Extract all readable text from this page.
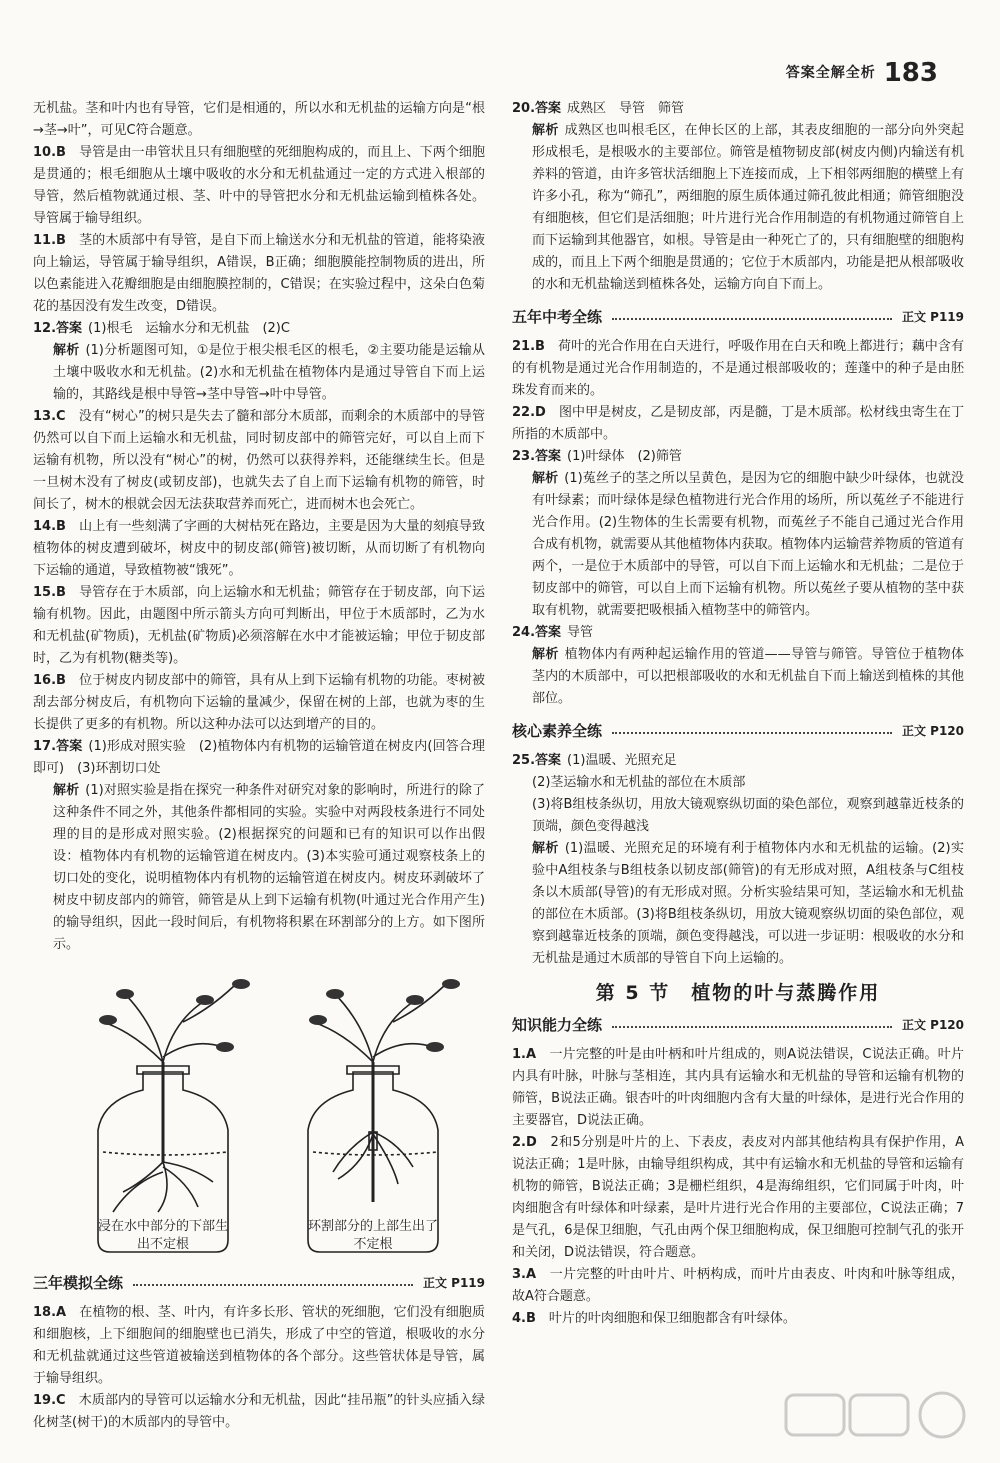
答案全解全析 183

无机盐。茎和叶内也有导管，它们是相通的，所以水和无机盐的运输方向是“根→茎→叶”，可见C符合题意。

10.B　 导管是由一串管状且只有细胞壁的死细胞构成的，而且上、下两个细胞是贯通的；根毛细胞从土壤中吸收的水分和无机盐通过一定的方式进入根部的导管，然后植物就通过根、茎、叶中的导管把水分和无机盐运输到植株各处。导管属于输导组织。

11.B　 茎的木质部中有导管，是自下而上输送水分和无机盐的管道，能将染液向上输运，导管属于输导组织，A错误，B正确；细胞膜能控制物质的进出，所以色素能进入花瓣细胞是由细胞膜控制的，C错误；在实验过程中，这朵白色菊花的基因没有发生改变，D错误。

12.答案 (1)根毛　运输水分和无机盐　(2)C

解析 (1)分析题图可知，①是位于根尖根毛区的根毛，②主要功能是运输从土壤中吸收水和无机盐。(2)水和无机盐在植物体内是通过导管自下而上运输的，其路线是根中导管→茎中导管→叶中导管。

13.C　 没有“树心”的树只是失去了髓和部分木质部，而剩余的木质部中的导管仍然可以自下而上运输水和无机盐，同时韧皮部中的筛管完好，可以自上而下运输有机物，所以没有“树心”的树，仍然可以获得养料，还能继续生长。但是一旦树木没有了树皮(或韧皮部)，也就失去了自上而下运输有机物的筛管，时间长了，树木的根就会因无法获取营养而死亡，进而树木也会死亡。

14.B　 山上有一些刻满了字画的大树枯死在路边，主要是因为大量的刻痕导致植物体的树皮遭到破坏，树皮中的韧皮部(筛管)被切断，从而切断了有机物向下运输的通道，导致植物被“饿死”。

15.B　 导管存在于木质部，向上运输水和无机盐；筛管存在于韧皮部，向下运输有机物。因此，由题图中所示箭头方向可判断出，甲位于木质部时，乙为水和无机盐(矿物质)，无机盐(矿物质)必须溶解在水中才能被运输；甲位于韧皮部时，乙为有机物(糖类等)。

16.B　 位于树皮内韧皮部中的筛管，具有从上到下运输有机物的功能。枣树被刮去部分树皮后，有机物向下运输的量减少，保留在树的上部，也就为枣的生长提供了更多的有机物。所以这种办法可以达到增产的目的。

17.答案 (1)形成对照实验　(2)植物体内有机物的运输管道在树皮内(回答合理即可)　(3)环割切口处

解析 (1)对照实验是指在探究一种条件对研究对象的影响时，所进行的除了这种条件不同之外，其他条件都相同的实验。实验中对两段枝条进行不同处理的目的是形成对照实验。(2)根据探究的问题和已有的知识可以作出假设：植物体内有机物的运输管道在树皮内。(3)本实验可通过观察枝条上的切口处的变化，说明植物体内有机物的运输管道在树皮内。树皮环剥破坏了树皮中韧皮部内的筛管，筛管是从上到下运输有机物(叶通过光合作用产生)的输导组织，因此一段时间后，有机物将积累在环割部分的上方。如下图所示。

浸在水中部分的下部生出不定根
环割部分的上部生出了不定根
三年模拟全练	正文 P119

18.A　 在植物的根、茎、叶内，有许多长形、管状的死细胞，它们没有细胞质和细胞核，上下细胞间的细胞壁也已消失，形成了中空的管道，根吸收的水分和无机盐就通过这些管道被输送到植物体的各个部分。这些管状体是导管，属于输导组织。

19.C　 木质部内的导管可以运输水分和无机盐，因此“挂吊瓶”的针头应插入绿化树茎(树干)的木质部内的导管中。

20.答案 成熟区　导管　筛管

解析 成熟区也叫根毛区，在伸长区的上部，其表皮细胞的一部分向外突起形成根毛，是根吸水的主要部位。筛管是植物韧皮部(树皮内侧)内输送有机养料的管道，由许多管状活细胞上下连接而成，上下相邻两细胞的横壁上有许多小孔，称为“筛孔”，两细胞的原生质体通过筛孔彼此相通；筛管细胞没有细胞核，但它们是活细胞；叶片进行光合作用制造的有机物通过筛管自上而下运输到其他器官，如根。导管是由一种死亡了的，只有细胞壁的细胞构成的，而且上下两个细胞是贯通的；它位于木质部内，功能是把从根部吸收的水和无机盐输送到植株各处，运输方向自下而上。

五年中考全练	正文 P119

21.B　 荷叶的光合作用在白天进行，呼吸作用在白天和晚上都进行；藕中含有的有机物是通过光合作用制造的，不是通过根部吸收的；莲蓬中的种子是由胚珠发育而来的。

22.D　 图中甲是树皮，乙是韧皮部，丙是髓，丁是木质部。松材线虫寄生在丁所指的木质部中。

23.答案 (1)叶绿体　(2)筛管

解析 (1)菟丝子的茎之所以呈黄色，是因为它的细胞中缺少叶绿体，也就没有叶绿素；而叶绿体是绿色植物进行光合作用的场所，所以菟丝子不能进行光合作用。(2)生物体的生长需要有机物，而菟丝子不能自己通过光合作用合成有机物，就需要从其他植物体内获取。植物体内运输营养物质的管道有两个，一是位于木质部中的导管，可以自下而上运输水和无机盐；二是位于韧皮部中的筛管，可以自上而下运输有机物。所以菟丝子要从植物的茎中获取有机物，就需要把吸根插入植物茎中的筛管内。

24.答案 导管

解析 植物体内有两种起运输作用的管道——导管与筛管。导管位于植物体茎内的木质部中，可以把根部吸收的水和无机盐自下而上输送到植株的其他部位。

核心素养全练	正文 P120

25.答案 (1)温暖、光照充足

(2)茎运输水和无机盐的部位在木质部

(3)将B组枝条纵切，用放大镜观察纵切面的染色部位，观察到越靠近枝条的顶端，颜色变得越浅

解析 (1)温暖、光照充足的环境有利于植物体内水和无机盐的运输。(2)实验中A组枝条与B组枝条以韧皮部(筛管)的有无形成对照，A组枝条与C组枝条以木质部(导管)的有无形成对照。分析实验结果可知，茎运输水和无机盐的部位在木质部。(3)将B组枝条纵切，用放大镜观察纵切面的染色部位，观察到越靠近枝条的顶端，颜色变得越浅，可以进一步证明：根吸收的水分和无机盐是通过木质部的导管自下向上运输的。

第 5 节　植物的叶与蒸腾作用
知识能力全练	正文 P120

1.A　 一片完整的叶是由叶柄和叶片组成的，则A说法错误，C说法正确。叶片内具有叶脉，叶脉与茎相连，其内具有运输水和无机盐的导管和运输有机物的筛管，B说法正确。银杏叶的叶肉细胞内含有大量的叶绿体，是进行光合作用的主要器官，D说法正确。

2.D　 2和5分别是叶片的上、下表皮，表皮对内部其他结构具有保护作用，A说法正确；1是叶脉，由输导组织构成，其中有运输水和无机盐的导管和运输有机物的筛管，B说法正确；3是栅栏组织，4是海绵组织，它们同属于叶肉，叶肉细胞含有叶绿体和叶绿素，是叶片进行光合作用的主要部位，C说法正确；7是气孔，6是保卫细胞，气孔由两个保卫细胞构成，保卫细胞可控制气孔的张开和关闭，D说法错误，符合题意。

3.A　 一片完整的叶由叶片、叶柄构成，而叶片由表皮、叶肉和叶脉等组成，故A符合题意。

4.B　 叶片的叶肉细胞和保卫细胞都含有叶绿体。
